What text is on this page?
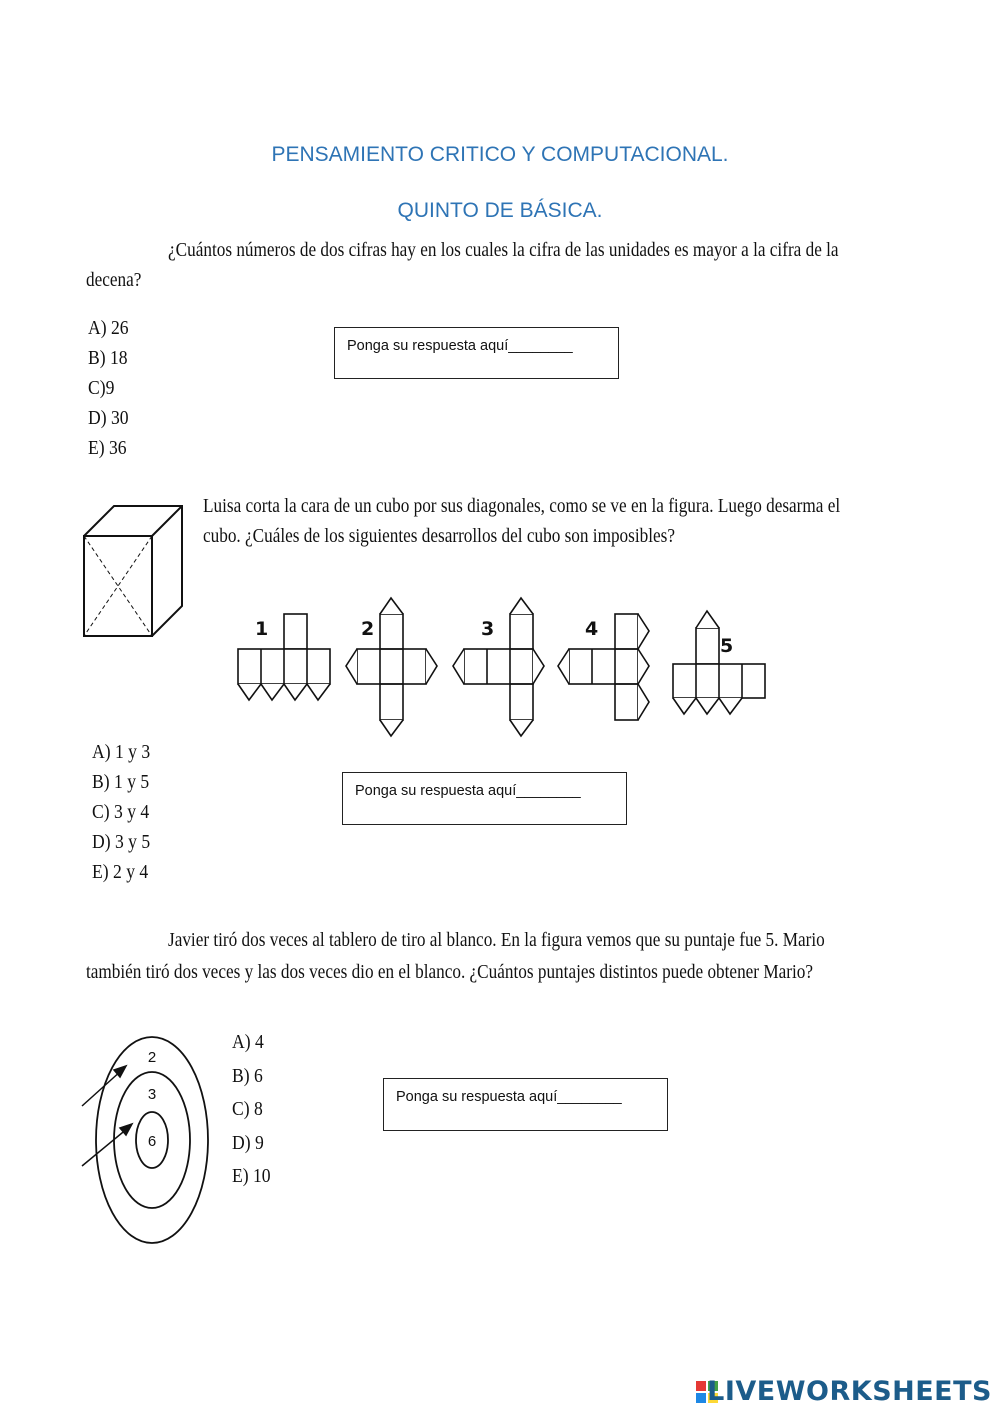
PENSAMIENTO CRITICO Y COMPUTACIONAL.
QUINTO DE BÁSICA.
¿Cuántos números de dos cifras hay en los cuales la cifra de las unidades es mayor a la cifra de la
decena?
A) 26
B) 18
C)9
D) 30
E) 36
Ponga su respuesta aquí________
Luisa corta la cara de un cubo por sus diagonales, como se ve en la figura. Luego desarma el
cubo. ¿Cuáles de los siguientes desarrollos del cubo son imposibles?
1	2	3	4
5
A) 1 y 3
B) 1 y 5
C) 3 y 4
D) 3 y 5
E) 2 y 4
Ponga su respuesta aquí________
Javier tiró dos veces al tablero de tiro al blanco. En la figura vemos que su puntaje fue 5. Mario
también tiró dos veces y las dos veces dio en el blanco. ¿Cuántos puntajes distintos puede obtener Mario?
2
3
6
A) 4
B) 6
C) 8
D) 9
E) 10
Ponga su respuesta aquí________
LIVEWORKSHEETS
